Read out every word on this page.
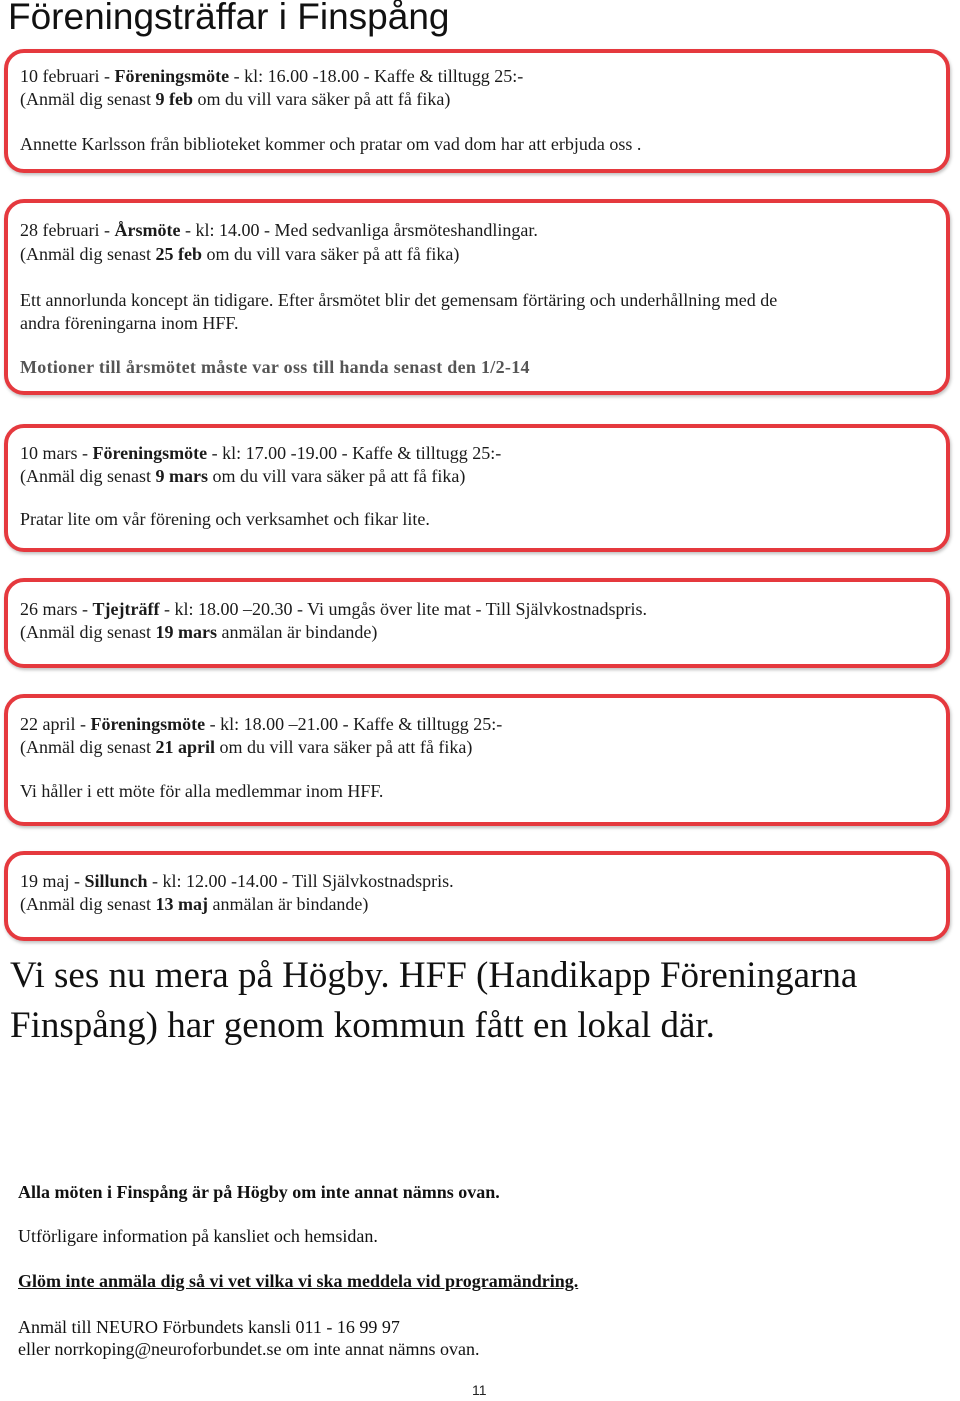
Föreningsträffar i Finspång
10 februari - Föreningsmöte - kl: 16.00 -18.00 - Kaffe & tilltugg 25:-
(Anmäl dig senast 9 feb om du vill vara säker på att få fika)
Annette Karlsson från biblioteket kommer och pratar om vad dom har att erbjuda oss .
28 februari - Årsmöte - kl: 14.00 - Med sedvanliga årsmöteshandlingar.
(Anmäl dig senast 25 feb om du vill vara säker på att få fika)
Ett annorlunda koncept än tidigare. Efter årsmötet blir det gemensam förtäring och underhållning med de
andra föreningarna inom HFF.
Motioner till årsmötet måste var oss till handa senast den 1/2-14
10 mars - Föreningsmöte - kl: 17.00 -19.00 - Kaffe & tilltugg 25:-
(Anmäl dig senast 9 mars om du vill vara säker på att få fika)
Pratar lite om vår förening och verksamhet och fikar lite.
26 mars - Tjejträff - kl: 18.00 –20.30 - Vi umgås över lite mat - Till Självkostnadspris.
(Anmäl dig senast 19 mars anmälan är bindande)
22 april - Föreningsmöte - kl: 18.00 –21.00 - Kaffe & tilltugg 25:-
(Anmäl dig senast 21 april om du vill vara säker på att få fika)
Vi håller i ett möte för alla medlemmar inom HFF.
19 maj - Sillunch - kl: 12.00 -14.00 - Till Självkostnadspris.
(Anmäl dig senast 13 maj anmälan är bindande)
Vi ses nu mera på Högby. HFF (Handikapp Föreningarna
Finspång) har genom kommun fått en lokal där.
Alla möten i Finspång är på Högby om inte annat nämns ovan.
Utförligare information på kansliet och hemsidan.
Glöm inte anmäla dig så vi vet vilka vi ska meddela vid programändring.
Anmäl till NEURO Förbundets kansli 011 - 16 99 97
eller norrkoping@neuroforbundet.se om inte annat nämns ovan.
11
